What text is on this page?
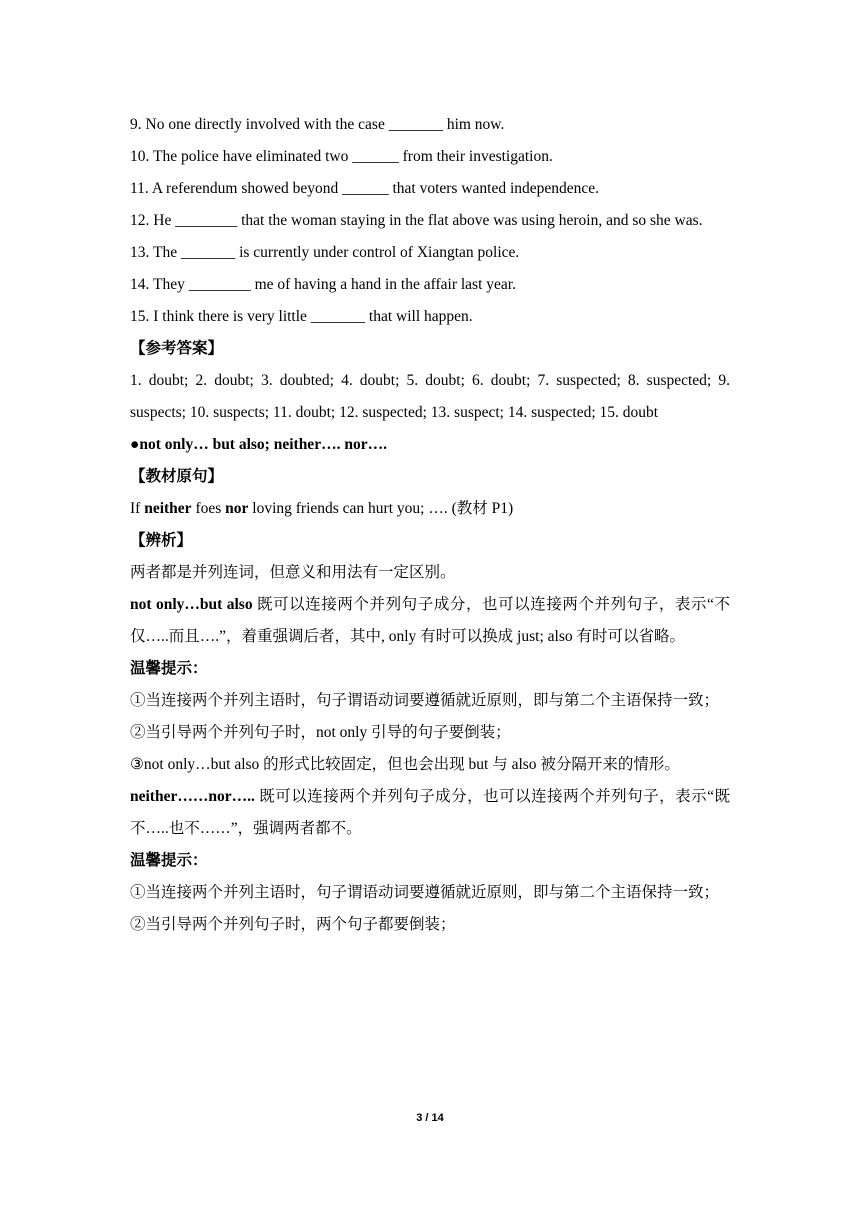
9. No one directly involved with the case _______ him now.
10. The police have eliminated two ______ from their investigation.
11. A referendum showed beyond ______ that voters wanted independence.
12. He ________ that the woman staying in the flat above was using heroin, and so she was.
13. The _______ is currently under control of Xiangtan police.
14. They ________ me of having a hand in the affair last year.
15. I think there is very little _______ that will happen.
【参考答案】
1. doubt; 2. doubt; 3. doubted; 4. doubt; 5. doubt; 6. doubt; 7. suspected; 8. suspected; 9. suspects; 10. suspects; 11. doubt; 12. suspected; 13. suspect; 14. suspected; 15. doubt
●not only… but also; neither…. nor….
【教材原句】
If neither foes nor loving friends can hurt you; …. (教材 P1)
【辨析】
两者都是并列连词，但意义和用法有一定区别。
not only…but also 既可以连接两个并列句子成分，也可以连接两个并列句子，表示“不仅…..而且….”，着重强调后者，其中, only 有时可以换成 just; also 有时可以省略。
温馨提示：
①当连接两个并列主语时，句子谓语动词要遵循就近原则，即与第二个主语保持一致；
②当引导两个并列句子时，not only 引导的句子要倒装；
③not only…but also 的形式比较固定，但也会出现 but 与 also 被分隔开来的情形。
neither……nor….. 既可以连接两个并列句子成分，也可以连接两个并列句子，表示“既不…..也不……”，强调两者都不。
温馨提示：
①当连接两个并列主语时，句子谓语动词要遵循就近原则，即与第二个主语保持一致；
②当引导两个并列句子时，两个句子都要倒装；
3 / 14
